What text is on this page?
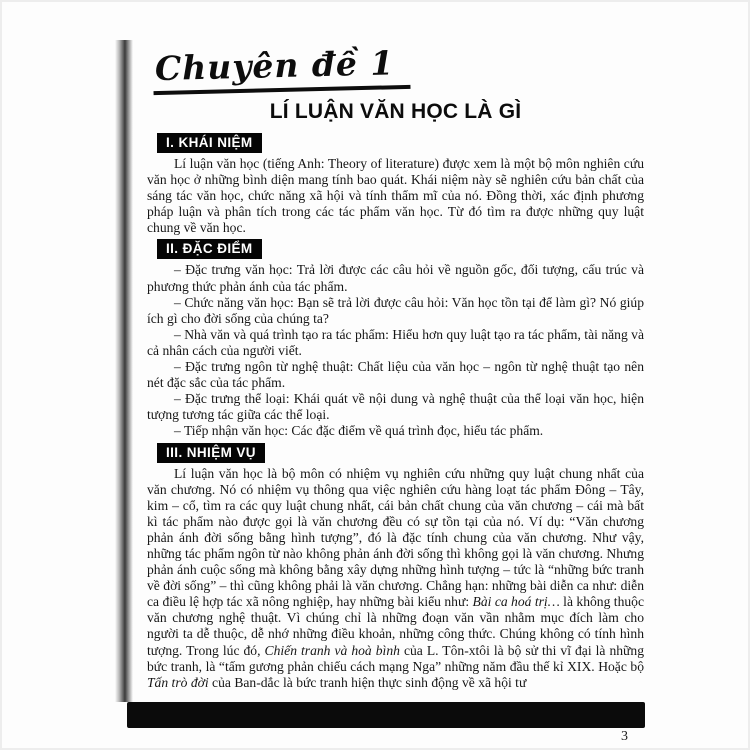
Chuyên đề 1
LÍ LUẬN VĂN HỌC LÀ GÌ
I. KHÁI NIỆM

Lí luận văn học (tiếng Anh: Theory of literature) được xem là một bộ môn nghiên cứu văn học ở những bình diện mang tính bao quát. Khái niệm này sẽ nghiên cứu bản chất của sáng tác văn học, chức năng xã hội và tính thẩm mĩ của nó. Đồng thời, xác định phương pháp luận và phân tích trong các tác phẩm văn học. Từ đó tìm ra được những quy luật chung về văn học.

II. ĐẶC ĐIỂM

– Đặc trưng văn học: Trả lời được các câu hỏi về nguồn gốc, đối tượng, cấu trúc và phương thức phản ánh của tác phẩm.

– Chức năng văn học: Bạn sẽ trả lời được câu hỏi: Văn học tồn tại để làm gì? Nó giúp ích gì cho đời sống của chúng ta?

– Nhà văn và quá trình tạo ra tác phẩm: Hiểu hơn quy luật tạo ra tác phẩm, tài năng và cả nhân cách của người viết.

– Đặc trưng ngôn từ nghệ thuật: Chất liệu của văn học – ngôn từ nghệ thuật tạo nên nét đặc sắc của tác phẩm.

– Đặc trưng thể loại: Khái quát về nội dung và nghệ thuật của thể loại văn học, hiện tượng tương tác giữa các thể loại.

– Tiếp nhận văn học: Các đặc điểm về quá trình đọc, hiểu tác phẩm.

III. NHIỆM VỤ

Lí luận văn học là bộ môn có nhiệm vụ nghiên cứu những quy luật chung nhất của văn chương. Nó có nhiệm vụ thông qua việc nghiên cứu hàng loạt tác phẩm Đông – Tây, kim – cổ, tìm ra các quy luật chung nhất, cái bản chất chung của văn chương – cái mà bất kì tác phẩm nào được gọi là văn chương đều có sự tồn tại của nó. Ví dụ: “Văn chương phản ánh đời sống bằng hình tượng”, đó là đặc tính chung của văn chương. Như vậy, những tác phẩm ngôn từ nào không phản ánh đời sống thì không gọi là văn chương. Nhưng phản ánh cuộc sống mà không bằng xây dựng những hình tượng – tức là “những bức tranh về đời sống” – thì cũng không phải là văn chương. Chẳng hạn: những bài diễn ca như: diễn ca điều lệ hợp tác xã nông nghiệp, hay những bài kiểu như: Bài ca hoá trị… là không thuộc văn chương nghệ thuật. Vì chúng chỉ là những đoạn văn vần nhằm mục đích làm cho người ta dễ thuộc, dễ nhớ những điều khoản, những công thức. Chúng không có tính hình tượng. Trong lúc đó, Chiến tranh và hoà bình của L. Tôn-xtôi là bộ sử thi vĩ đại là những bức tranh, là “tấm gương phản chiếu cách mạng Nga” những năm đầu thế kỉ XIX. Hoặc bộ Tấn trò đời của Ban-dắc là bức tranh hiện thực sinh động về xã hội tư

3
